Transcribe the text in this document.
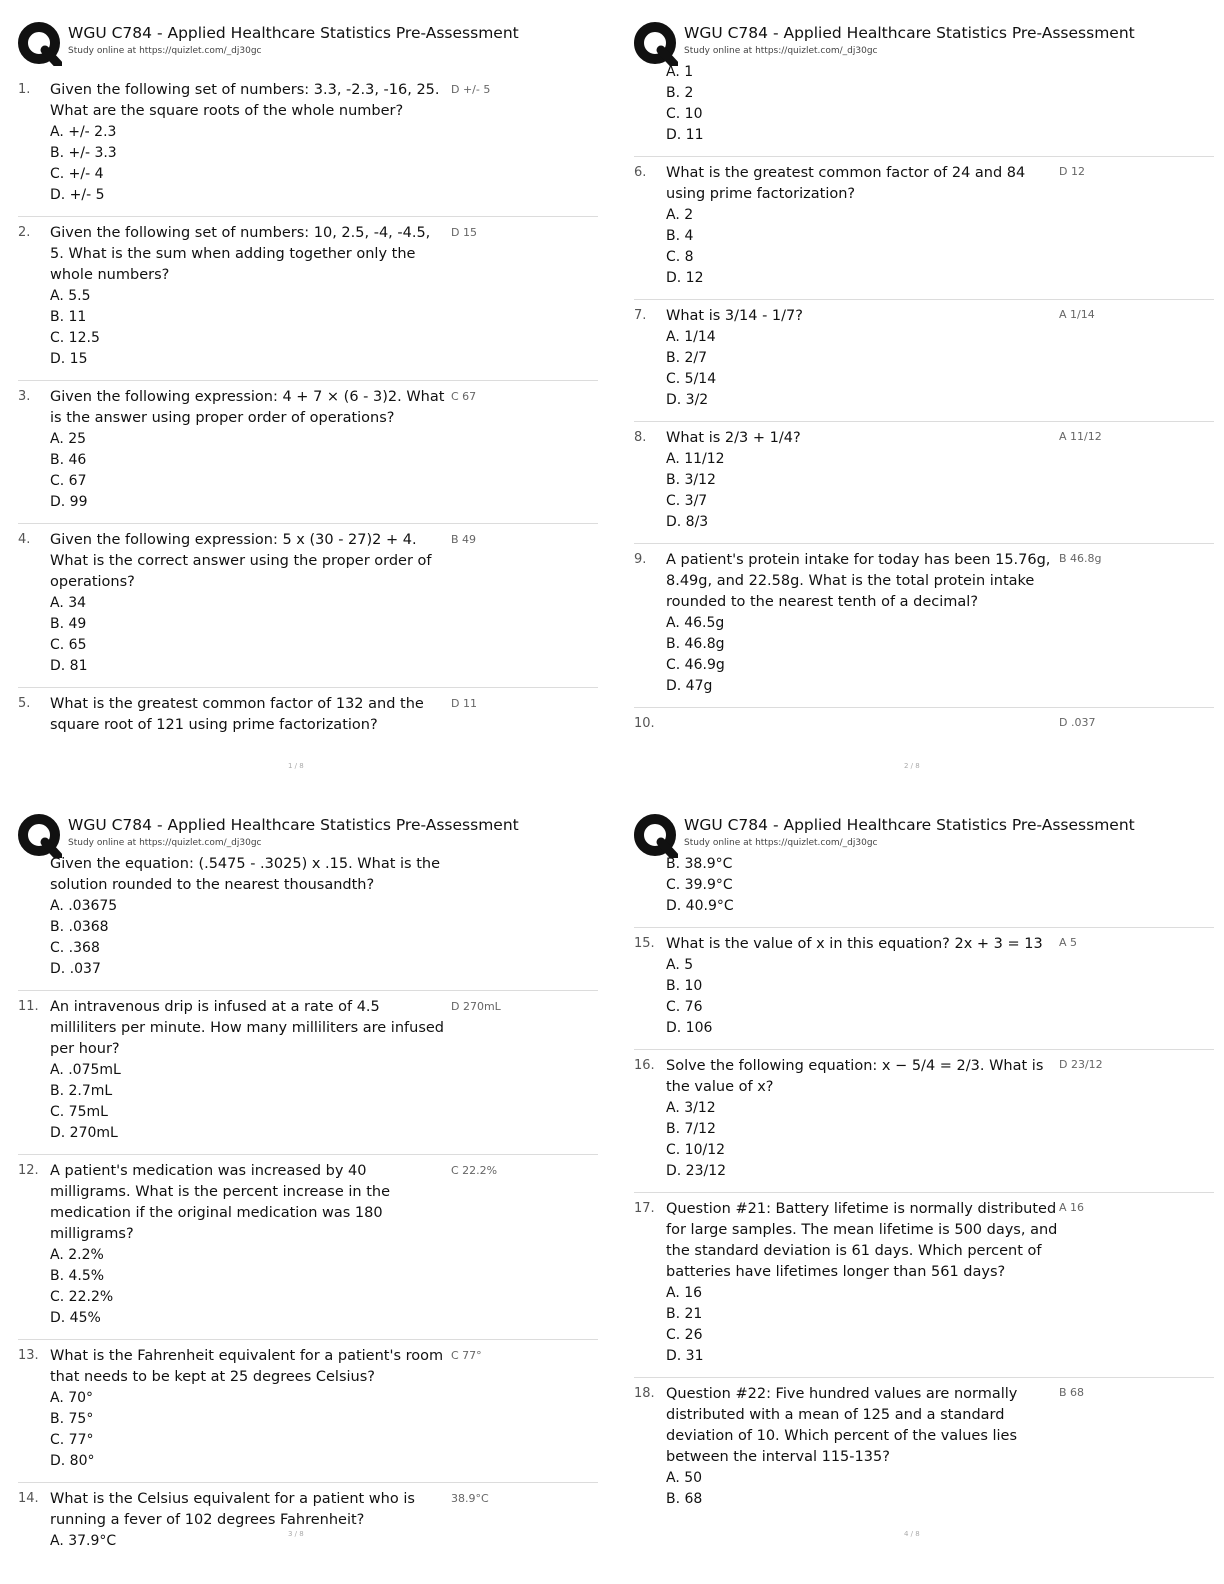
WGU C784 - Applied Healthcare Statistics Pre-Assessment
Study online at https://quizlet.com/_dj30gc
1.	Given the following set of numbers: 3.3, -2.3, -16, 25. What are the square roots of the whole number?
A. +/- 2.3
B. +/- 3.3
C. +/- 4
D. +/- 5
D +/- 5
2.	Given the following set of numbers: 10, 2.5, -4, -4.5, 5. What is the sum when adding together only the whole numbers?
A. 5.5
B. 11
C. 12.5
D. 15
D 15
3.	Given the following expression: 4 + 7 × (6 - 3)2. What is the answer using proper order of operations?
A. 25
B. 46
C. 67
D. 99
C 67
4.	Given the following expression: 5 x (30 - 27)2 + 4. What is the correct answer using the proper order of operations?
A. 34
B. 49
C. 65
D. 81
B 49
5.	What is the greatest common factor of 132 and the square root of 121 using prime factorization?
D 11
1 / 8
WGU C784 - Applied Healthcare Statistics Pre-Assessment
Study online at https://quizlet.com/_dj30gc
A. 1
B. 2
C. 10
D. 11
6.	What is the greatest common factor of 24 and 84 using prime factorization?
A. 2
B. 4
C. 8
D. 12
D 12
7.	What is 3/14 - 1/7?
A. 1/14
B. 2/7
C. 5/14
D. 3/2
A 1/14
8.	What is 2/3 + 1/4?
A. 11/12
B. 3/12
C. 3/7
D. 8/3
A 11/12
9.	A patient's protein intake for today has been 15.76g, 8.49g, and 22.58g. What is the total protein intake rounded to the nearest tenth of a decimal?
A. 46.5g
B. 46.8g
C. 46.9g
D. 47g
B 46.8g
10.
	D .037
2 / 8
WGU C784 - Applied Healthcare Statistics Pre-Assessment
Study online at https://quizlet.com/_dj30gc
Given the equation: (.5475 - .3025) x .15. What is the solution rounded to the nearest thousandth?
A. .03675
B. .0368
C. .368
D. .037
11. An intravenous drip is infused at a rate of 4.5 milliliters per minute. How many milliliters are infused per hour?
A. .075mL
B. 2.7mL
C. 75mL
D. 270mL
D 270mL
12. A patient's medication was increased by 40 milligrams. What is the percent increase in the medication if the original medication was 180 milligrams?
A. 2.2%
B. 4.5%
C. 22.2%
D. 45%
C 22.2%
13. What is the Fahrenheit equivalent for a patient's room that needs to be kept at 25 degrees Celsius?
A. 70°
B. 75°
C. 77°
D. 80°
C 77°
14. What is the Celsius equivalent for a patient who is running a fever of 102 degrees Fahrenheit?
A. 37.9°C
38.9°C
3 / 8
WGU C784 - Applied Healthcare Statistics Pre-Assessment
Study online at https://quizlet.com/_dj30gc
B. 38.9°C
C. 39.9°C
D. 40.9°C
15. What is the value of x in this equation? 2x + 3 = 13
A. 5
B. 10
C. 76
D. 106
A 5
16. Solve the following equation: x − 5/4 = 2/3. What is the value of x?
A. 3/12
B. 7/12
C. 10/12
D. 23/12
D 23/12
17. Question #21: Battery lifetime is normally distributed for large samples. The mean lifetime is 500 days, and the standard deviation is 61 days. Which percent of batteries have lifetimes longer than 561 days?
A. 16
B. 21
C. 26
D. 31
A 16
18. Question #22: Five hundred values are normally distributed with a mean of 125 and a standard deviation of 10. Which percent of the values lies between the interval 115-135?
A. 50
B. 68
B 68
4 / 8
